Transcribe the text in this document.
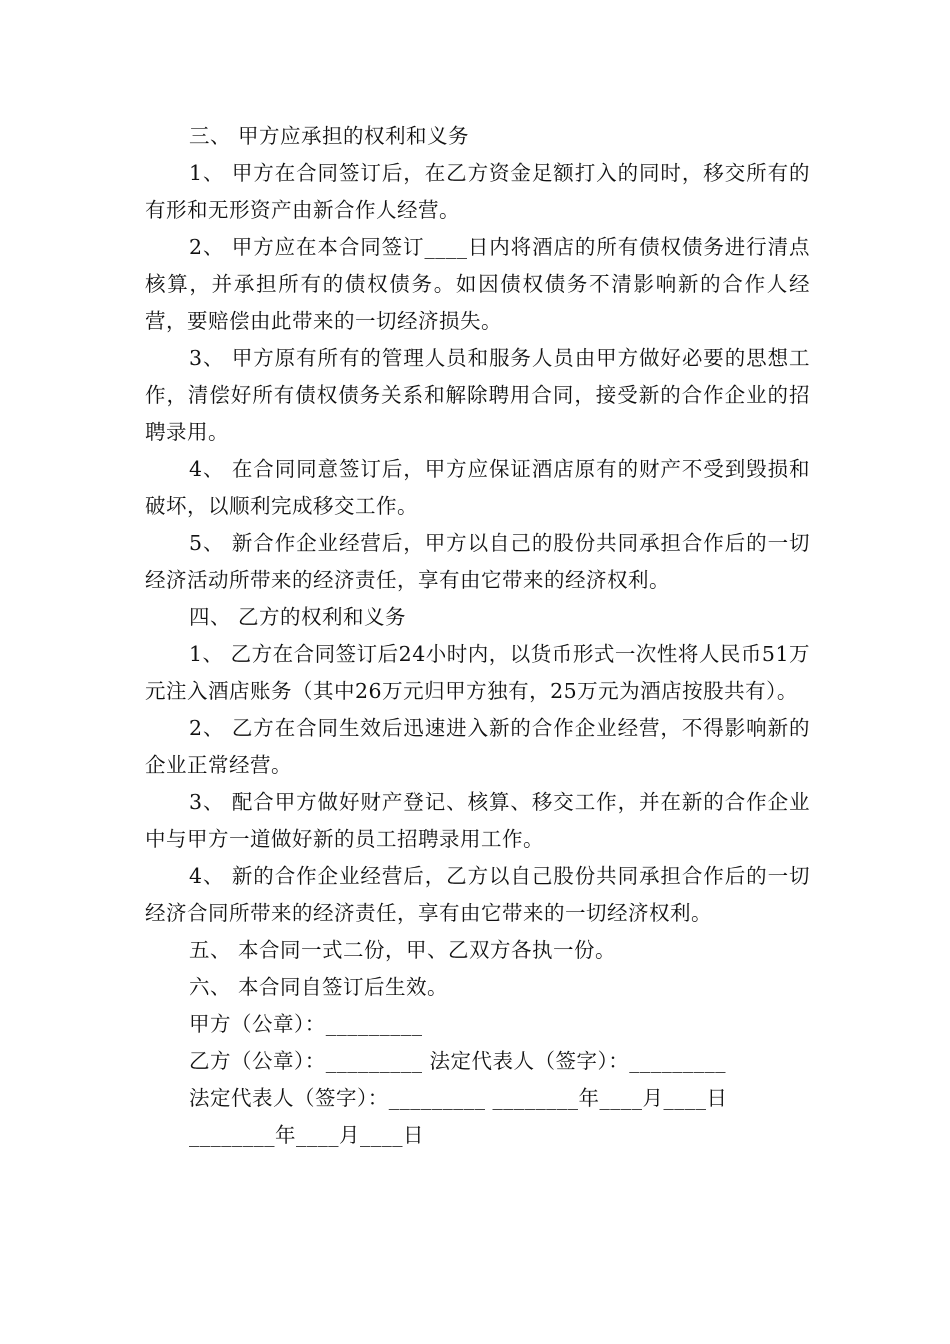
三、 甲方应承担的权利和义务

1、 甲方在合同签订后，在乙方资金足额打入的同时，移交所有的有形和无形资产由新合作人经营。

2、 甲方应在本合同签订____日内将酒店的所有债权债务进行清点核算，并承担所有的债权债务。如因债权债务不清影响新的合作人经营，要赔偿由此带来的一切经济损失。

3、 甲方原有所有的管理人员和服务人员由甲方做好必要的思想工作，清偿好所有债权债务关系和解除聘用合同，接受新的合作企业的招聘录用。

4、 在合同同意签订后，甲方应保证酒店原有的财产不受到毁损和破坏，以顺利完成移交工作。

5、 新合作企业经营后，甲方以自己的股份共同承担合作后的一切经济活动所带来的经济责任，享有由它带来的经济权利。

四、 乙方的权利和义务

1、 乙方在合同签订后24小时内，以货币形式一次性将人民币51万元注入酒店账务（其中26万元归甲方独有，25万元为酒店按股共有）。

2、 乙方在合同生效后迅速进入新的合作企业经营，不得影响新的企业正常经营。

3、 配合甲方做好财产登记、核算、移交工作，并在新的合作企业中与甲方一道做好新的员工招聘录用工作。

4、 新的合作企业经营后，乙方以自己股份共同承担合作后的一切经济合同所带来的经济责任，享有由它带来的一切经济权利。

五、 本合同一式二份，甲、乙双方各执一份。

六、 本合同自签订后生效。

甲方（公章）：_________

乙方（公章）：_________ 法定代表人（签字）：_________

法定代表人（签字）：_________ ________年____月____日

________年____月____日
